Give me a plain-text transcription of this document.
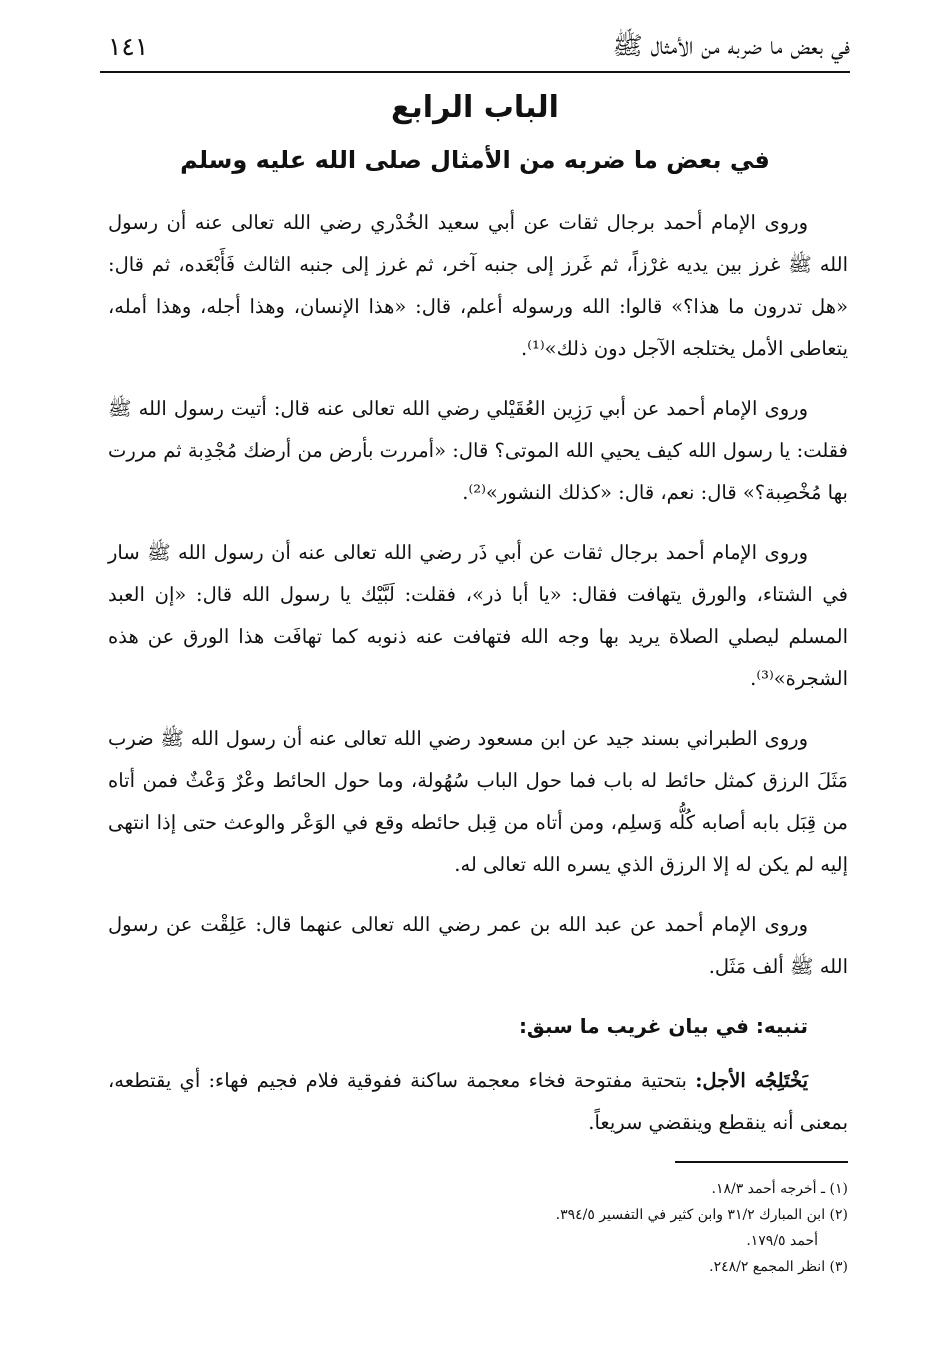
في بعض ما ضربه من الأمثال ﷺ
١٤١
الباب الرابع
في بعض ما ضربه من الأمثال صلى الله عليه وسلم

وروى الإمام أحمد برجال ثقات عن أبي سعيد الخُدْري رضي الله تعالى عنه أن رسول الله ﷺ غرز بين يديه غرْزاً، ثم غَرز إلى جنبه آخر، ثم غرز إلى جنبه الثالث فَأَبْعَده، ثم قال: «هل تدرون ما هذا؟» قالوا: الله ورسوله أعلم، قال: «هذا الإنسان، وهذا أجله، وهذا أمله، يتعاطى الأمل يختلجه الآجل دون ذلك»⁽¹⁾.

وروى الإمام أحمد عن أبي رَزِين العُقَيْلي رضي الله تعالى عنه قال: أتيت رسول الله ﷺ فقلت: يا رسول الله كيف يحيي الله الموتى؟ قال: «أمررت بأرض من أرضك مُجْدِبة ثم مررت بها مُخْصِبة؟» قال: نعم، قال: «كذلك النشور»⁽²⁾.

وروى الإمام أحمد برجال ثقات عن أبي ذَر رضي الله تعالى عنه أن رسول الله ﷺ سار في الشتاء، والورق يتهافت فقال: «يا أبا ذر»، فقلت: لَبَّيْك يا رسول الله قال: «إن العبد المسلم ليصلي الصلاة يريد بها وجه الله فتهافت عنه ذنوبه كما تهافَت هذا الورق عن هذه الشجرة»⁽³⁾.

وروى الطبراني بسند جيد عن ابن مسعود رضي الله تعالى عنه أن رسول الله ﷺ ضرب مَثَلَ الرزق كمثل حائط له باب فما حول الباب سُهُولة، وما حول الحائط وعْرٌ وَعْثٌ فمن أتاه من قِبَل بابه أصابه كُلُّه وَسلِم، ومن أتاه من قِبل حائطه وقع في الوَعْر والوعث حتى إذا انتهى إليه لم يكن له إلا الرزق الذي يسره الله تعالى له.

وروى الإمام أحمد عن عبد الله بن عمر رضي الله تعالى عنهما قال: عَلِقْت عن رسول الله ﷺ ألف مَثَل.

تنبيه: في بيان غريب ما سبق:

يَخْتَلِجُه الأجل: بتحتية مفتوحة فخاء معجمة ساكنة ففوقية فلام فجيم فهاء: أي يقتطعه، بمعنى أنه ينقطع وينقضي سريعاً.

(١) ـ أخرجه أحمد ١٨/٣.

(٢) ابن المبارك ٣١/٢ وابن كثير في التفسير ٣٩٤/٥.

أحمد ١٧٩/٥.

(٣) انظر المجمع ٢٤٨/٢.
